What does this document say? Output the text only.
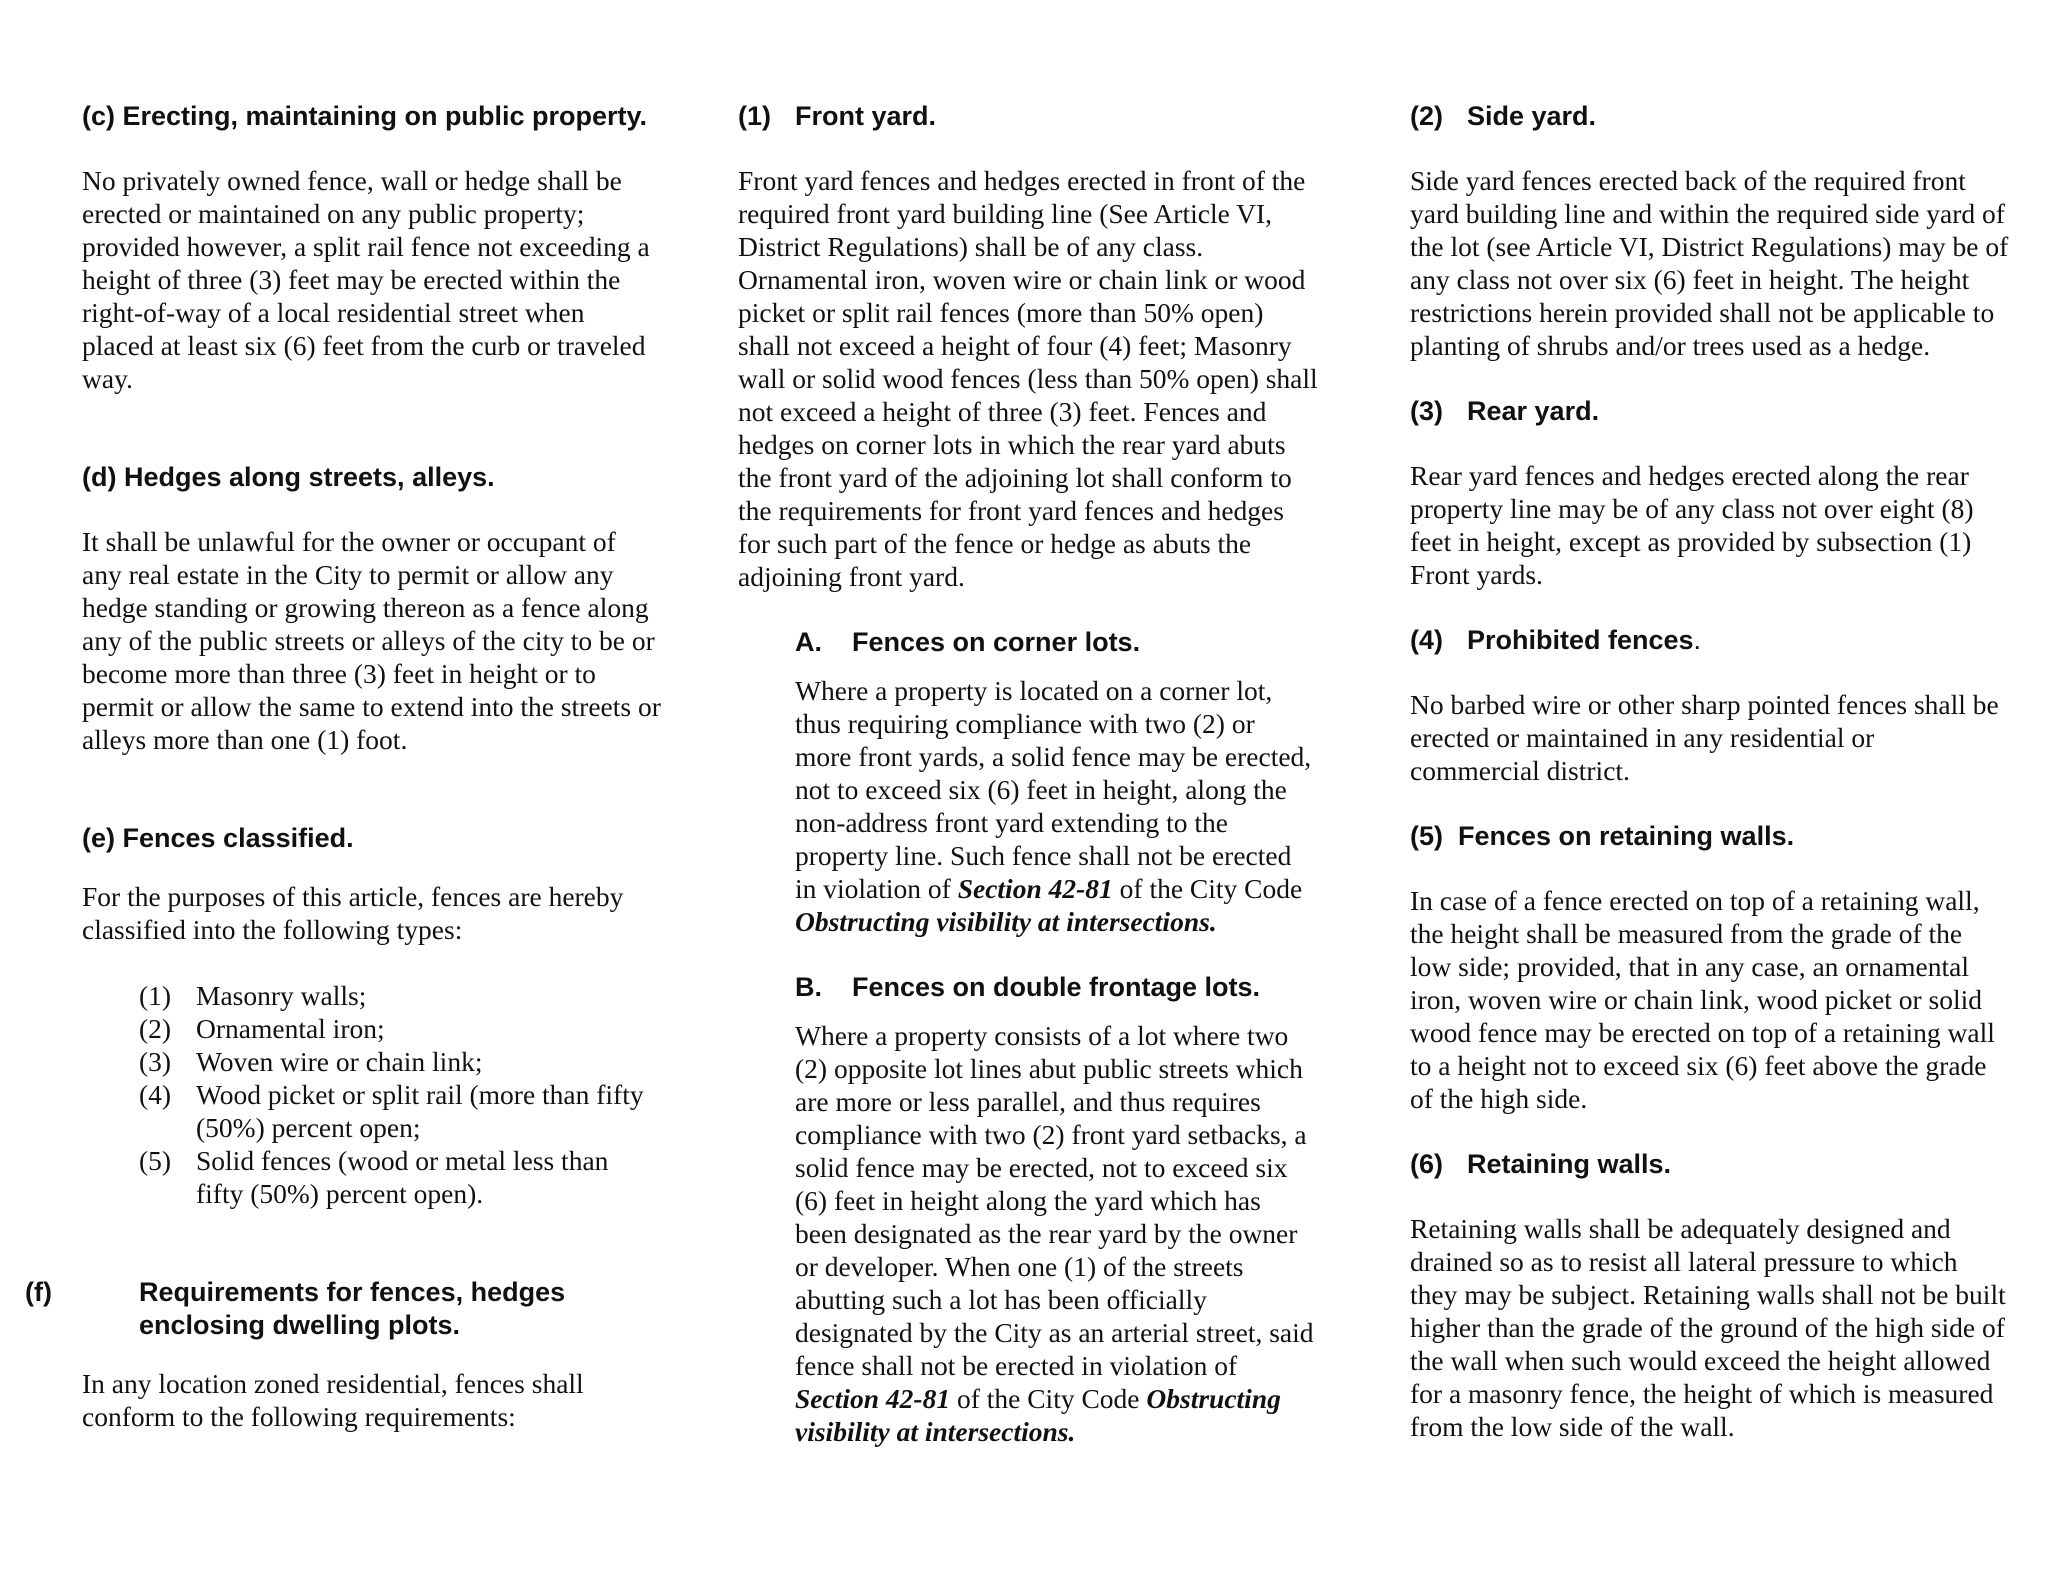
(c) Erecting, maintaining on public property.

No privately owned fence, wall or hedge shall be erected or maintained on any public property; provided however, a split rail fence not exceeding a height of three (3) feet may be erected within the right-of-way of a local residential street when placed at least six (6) feet from the curb or traveled way.

(d) Hedges along streets, alleys.

It shall be unlawful for the owner or occupant of any real estate in the City to permit or allow any hedge standing or growing thereon as a fence along any of the public streets or alleys of the city to be or become more than three (3) feet in height or to permit or allow the same to extend into the streets or alleys more than one (1) foot.

(e) Fences classified.

For the purposes of this article, fences are hereby classified into the following types:

(1) Masonry walls;
(2) Ornamental iron;
(3) Woven wire or chain link;
(4) Wood picket or split rail (more than fifty (50%) percent open;
(5) Solid fences (wood or metal less than fifty (50%) percent open).

(f)	Requirements for fences, hedges enclosing dwelling plots.

In any location zoned residential, fences shall conform to the following requirements:

(1) Front yard.

Front yard fences and hedges erected in front of the required front yard building line (See Article VI, District Regulations) shall be of any class. Ornamental iron, woven wire or chain link or wood picket or split rail fences (more than 50% open) shall not exceed a height of four (4) feet; Masonry wall or solid wood fences (less than 50% open) shall not exceed a height of three (3) feet. Fences and hedges on corner lots in which the rear yard abuts the front yard of the adjoining lot shall conform to the requirements for front yard fences and hedges for such part of the fence or hedge as abuts the adjoining front yard.

A. Fences on corner lots.

Where a property is located on a corner lot, thus requiring compliance with two (2) or more front yards, a solid fence may be erected, not to exceed six (6) feet in height, along the non-address front yard extending to the property line. Such fence shall not be erected in violation of Section 42-81 of the City Code Obstructing visibility at intersections.

B. Fences on double frontage lots.

Where a property consists of a lot where two (2) opposite lot lines abut public streets which are more or less parallel, and thus requires compliance with two (2) front yard setbacks, a solid fence may be erected, not to exceed six (6) feet in height along the yard which has been designated as the rear yard by the owner or developer. When one (1) of the streets abutting such a lot has been officially designated by the City as an arterial street, said fence shall not be erected in violation of Section 42-81 of the City Code Obstructing visibility at intersections.

(2) Side yard.

Side yard fences erected back of the required front yard building line and within the required side yard of the lot (see Article VI, District Regulations) may be of any class not over six (6) feet in height. The height restrictions herein provided shall not be applicable to planting of shrubs and/or trees used as a hedge.

(3) Rear yard.

Rear yard fences and hedges erected along the rear property line may be of any class not over eight (8) feet in height, except as provided by subsection (1) Front yards.

(4) Prohibited fences.

No barbed wire or other sharp pointed fences shall be erected or maintained in any residential or commercial district.

(5) Fences on retaining walls.

In case of a fence erected on top of a retaining wall, the height shall be measured from the grade of the low side; provided, that in any case, an ornamental iron, woven wire or chain link, wood picket or solid wood fence may be erected on top of a retaining wall to a height not to exceed six (6) feet above the grade of the high side.

(6) Retaining walls.

Retaining walls shall be adequately designed and drained so as to resist all lateral pressure to which they may be subject. Retaining walls shall not be built higher than the grade of the ground of the high side of the wall when such would exceed the height allowed for a masonry fence, the height of which is measured from the low side of the wall.
